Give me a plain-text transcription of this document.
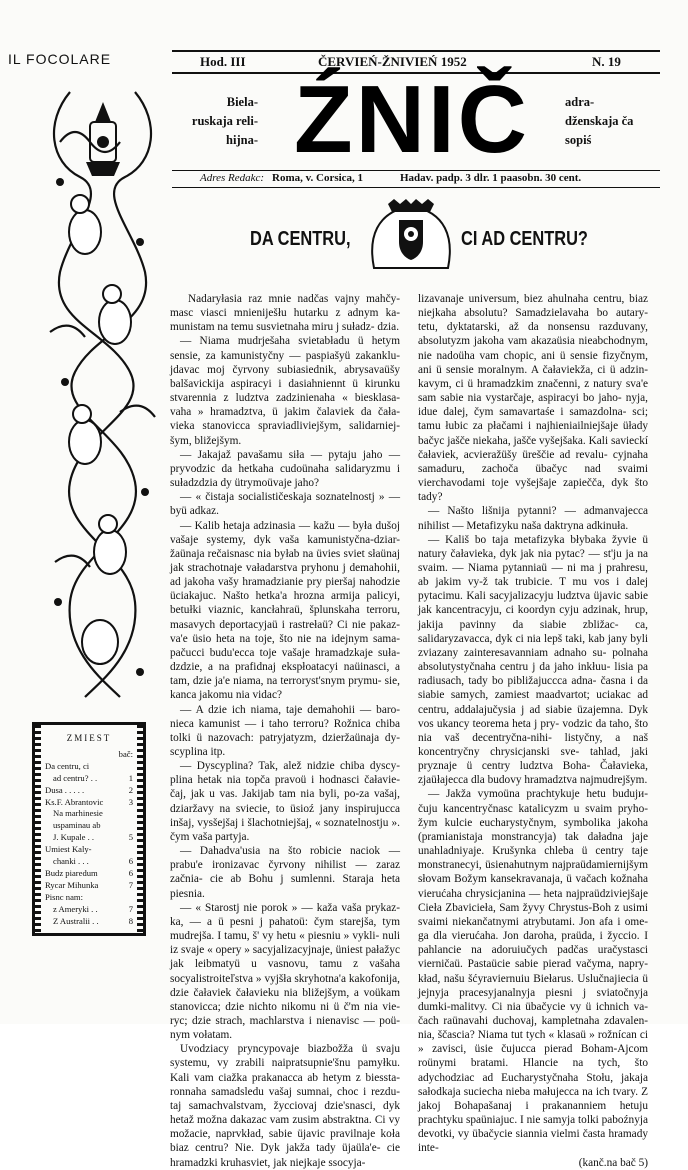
IL FOCOLARE	Hod. III	ČERVIEŃ-ŽNIVIEŃ 1952	N. 19
Biela-
ruskaja reli-
hijna- ŹNIČ	adra-
dženskaja ča
sopiś
Adres Redakc: Roma, v. Corsica, 1	Hadav. padp. 3 dlr. 1 paasobn. 30 cent.
DA CENTRU,	CI AD CENTRU?

Nadaryłasia raz mnie nadčas vajny mahčy- masc viasci mnieniješłu hutarku z adnym ka- munistam na temu susvietnaha miru j suładz- dzia.

— Niama mudrješaha svietabładu ü hetym sensie, za kamunistyčny — paspiašyü zakanklu- jdavac moj čyrvony subiasiednik, abrysavaüšy balšavickija aspiracyi i dasiahniennt ü kirunku stvarennia z ludztva zadzinienaha « biesklasa- vaha » hramadztva, ü jakim čalaviek da čała- vieka stanovicca spraviadliviejšym, salidarniej- šym, bližejšym.

— Jakajaž pavašamu siła — pytaju jaho — pryvodzic da hetkaha cudoünaha salidaryzmu i suładzdzia dy ütrymoüvaje jaho?

— « čistaja socialističeskaja soznatelnostj » — byü adkaz.

— Kalib hetaja adzinasia — kažu — była dušoj vašaje systemy, dyk vaša kamunistyčna-dziar- žaünaja rečaisnasc nia byłab na üvies sviet słaünaj jak strachotnaje vaładarstva pryhonu j demahohii, ad jakoha vašy hramadzianie pry pieršaj nahodzie üciakajuc. Našto hetka'a hrozna armija palicyi, betułki viaznic, kancłahraü, šplunskaha terroru, masavych deportacyjaü i rastrełaü? Ci nie pakaz- va'e üsio heta na toje, što nie na idejnym sama- pačucci budu'ecca toje vašaje hramadzkaje sułа- dzdzie, a na prafidnaj ekspłoatacyi naüinasci, a tam, dzie ja'e niama, na terroryst'snym prymu- sie, kanca jakomu nia vidac?

— A dzie ich niama, taje demahohii — baro- nieca kamunist — i taho terroru? Rožnica chiba tolki ü nazovach: patryjatyzm, dzieržaünaja dy- scyplina itp.

— Dyscyplina? Tak, alež nidzie chiba dyscy- plina hetak nia topča pravoü i hodnasci čałavie- čaj, jak u vas. Jakijab tam nia byli, po-za vašaj, dziaržavy na sviecie, to üsioź jany inspirujucca inšaj, vysšejšaj i šlachotniejšaj, « soznatelnostju ». čym vaša partyja.

— Dahadva'usia na što robicie naciok — prabu'e ironizavac čyrvony nihilist — zaraz začnia- cie ab Bohu j sumlenni. Staraja heta piesnia.

— « Starostj nie porok » — kaža vaša prykaz- ka, — a ü pesni j pahatoü: čym starejša, tym mudrejša. I tamu, š' vy hetu « piesniu » vykli- nuli iz svaje « opery » sacyjalizacyjnaje, üniest pałažyc jak leibmatyü u vasnovu, tamu z vašaha socyalistroiteľstva » vyjšła skryhotna'a kakofonija, dzie čałaviek čałavieku nia bližejšym, a voükam stanovicca; dzie nichto nikomu ni ü č'm nia vie- ryc; dzie strach, machlarstva i nienavisc — poü- nym vołatam.

Uvodziacy pryncypovaje biazbožža ü svaju systemu, vy zrabili naipratsupnie'šnu pamyłku. Kali vam ciažka prakanacca ab hetym z biessta- ronnaha samadsledu vašaj sumnai, choc i rezdu- taj samachvalstvam, žycciovaj dzie'snasci, dyk hetaž možna dakazac vam zusim abstraktna. Ci vy možacie, naprvkład, sabie üjavic pravilnaje koła biaz centru? Nie. Dyk jakža tady üjaüla'e- cie hramadzki kruhasviet, jak niejkaje ssocyja-

lizavanaje universum, biez ahulnaha centru, biaz niejkaha absolutu? Samadzielavaha bo autary- tetu, dyktatarski, až da nonsensu razduvany, absolutyzm jakoha vam akazaüsia nieabchodnym, nie nadoüha vam chopic, ani ü sensie fizyčnym, ani ü sensie moralnym. A čałaviekža, ci ü adzin- kavym, ci ü hramadzkim značenni, z natury sva'e sam sabie nia vystarčaje, aspiracyi bo jaho- nyja, idue dalej, čym samavartaśe i samazdolna- sci; tamu łubic za płačami i najhieniailniejšaje üłady bačyc jašče niekaha, jašče vyšejšaka. Kali savieckí čałaviek, acvieražüšy üreščie ad revalu- cyjnaha samaduru, zachoča übačyc nad svaimi vierchavodami toje vyšejšaje zapiečča, dyk što tady?

— Našto lišnija pytanni? — admanvajecca nihilist — Metafizyku naša daktryna adkinuła.

— Kališ bo taja metafizyka błybaka žyvie ü natury čałavieka, dyk jak nia pytac? — st'ju ja na svaim. — Niama pytanniaü — ni ma j prahresu, ab jakim vy-ž tak trubicie. T mu vos i dalej pytacimu. Kali sacyjalizacyju ludztva üjavic sabie jak kancentracyju, ci koordyn cyju adzinak, hrup, jakija pavinny da siabie zbližac- ca, salidaryzavacca, dyk ci nia lepš taki, kab jany byli zviazany zainteresavanniam adnaho su- polnaha absolutystyčnaha centru j da jaho inkłuu- lisia pa radiusach, tady bo pibližajuccca adna- časna i da siabie samych, zamiest maadvartot; uciakac ad centru, addalajučysia j ad siabie üzajemna. Dyk vos ukancy teorema heta j pry- vodzic da taho, što nia vaš decentryčna-nihi- listyčny, a naš koncentryčny chrysicjanski sve- tahlad, jaki pryznaje ü centry ludztva Boha- Čałavieka, zjaüłajecca dla budovy hramadztva najmudrejšym.

— Jakža vymoüna prachtykuje hetu budujи- čuju kancentryčnasc katalicyzm u svaim pryho- žym kulcie eucharystyčnym, symbolika jakoha (pramianistaja monstrancyja) tak daładna jaje unahladniyaje. Krušynka chleba ü centry taje monstranecyi, üsienahutnym najpraüdamiernijšym słovam Božym kansekravanaja, ü vačach kožnaha vierućaha chrysicjanina — heta najpraüdziviejšaje Cieła Zbavicieła, Sam žyvy Chrystus-Boh z usimi svaimi niekančatnymi atrybutami. Jon afa i ome- ga dla vierućaha. Jon daroha, praüda, i žyccio. I pahlancie na adoruiučych padčas uračystasci vierničaü. Pastaücie sabie pierad vačyma, napry- kład, našu šćyraviernuiu Biełarus. Uslučnajiecia ü jejnyja pracesyjanalnyja piesni j sviatočnyja dumki-malitvy. Ci nia übačycie vy ü ichnich va- čach raünavahi duchovaj, kampletnaha zdavalen- nia, ščascia? Niama tut tych « klasaü » rožnícan ci » zavisci, üsie čujucca pierad Boham-Ajcom roünymi bratami. Hlancie na tych, što adychodziac ad Eucharystyčnaha Stołu, jakaja sałodkaja suciecha nieba małujecca na ich tvary. Z jakoj Bohapašanaj i prakananniem hetuju prachtyku spaüniajuc. I nie samyja tolki paboźnyja devotki, vy übačycie siannia vielmi časta hramady inte-

(kanč.na bač 5)

ZMIEST
bač:
Da centru, ci
ad centru? . .	1
Dusa . . . . .	2
Ks.F. Abrantovic	3
Na marhinesie
uspaminau ab
J. Kupale . .	5
Umiest Kaly-
chanki . . .	6
Budz piaredum	6
Rycar Mihunka	7
Pisnc nam:
z Ameryki . .	7
Z Australii . .	8
